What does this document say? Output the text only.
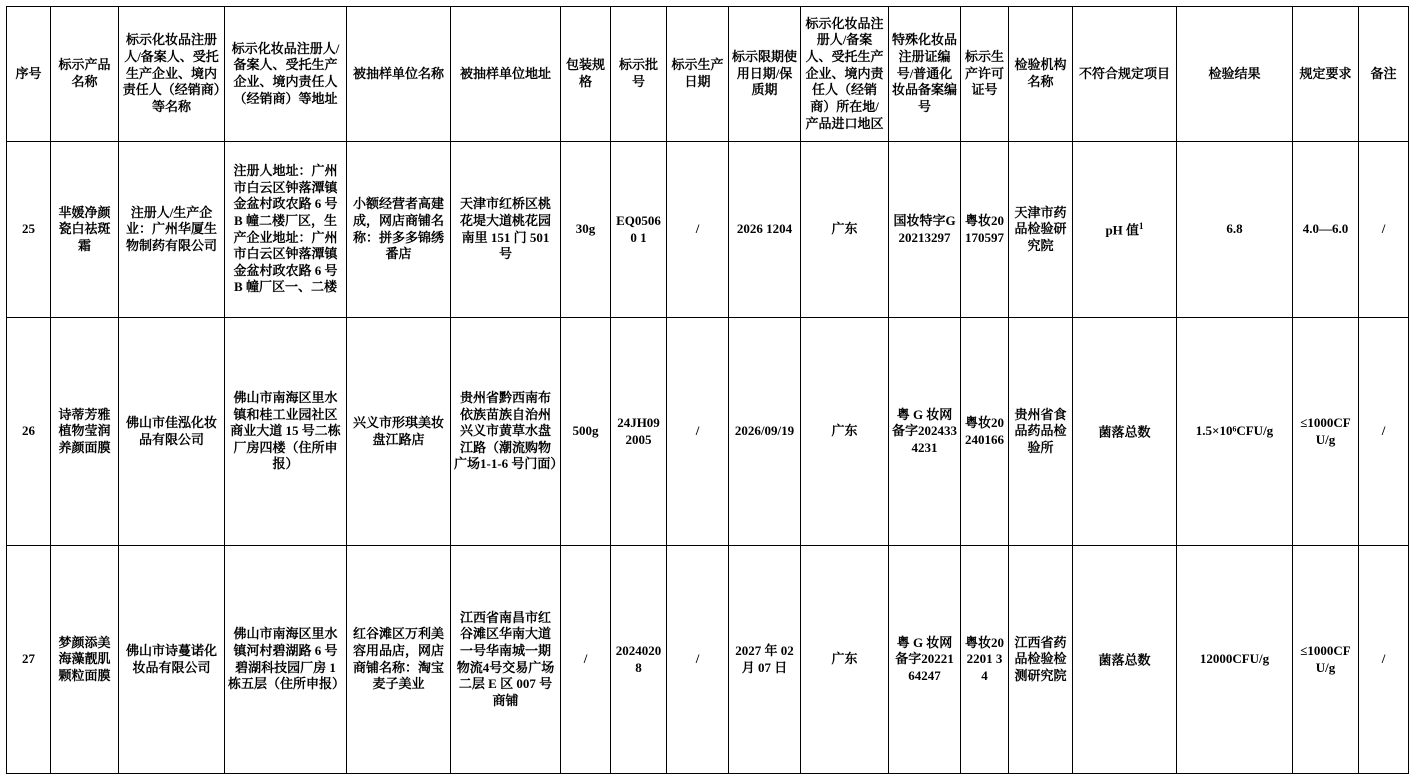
序号	标示产品名称	标示化妆品注册人/备案人、受托生产企业、境内责任人（经销商）等名称	标示化妆品注册人/备案人、受托生产企业、境内责任人（经销商）等地址	被抽样单位名称	被抽样单位地址	包装规格	标示批号	标示生产日期	标示限期使用日期/保质期	标示化妆品注册人/备案人、受托生产企业、境内责任人（经销商）所在地/产品进口地区	特殊化妆品注册证编号/普通化妆品备案编号	标示生产许可证号	检验机构名称	不符合规定项目	检验结果	规定要求	备注
25	芈媛净颜瓷白祛斑霜	注册人/生产企业：广州华厦生物制药有限公司	注册人地址：广州市白云区钟落潭镇金盆村政农路 6 号 B 幢二楼厂区，生产企业地址：广州市白云区钟落潭镇金盆村政农路 6 号 B 幢厂区一、二楼	小额经营者高建成，网店商铺名称：拼多多锦绣番店	天津市红桥区桃花堤大道桃花园南里 151 门 501 号	30g	EQ05060 1	/	2026 1204	广东	国妆特字G20213297	粤妆20170597	天津市药品检验研究院	pH 值$^1$	6.8	4.0—6.0	/
26	诗蒂芳雅植物莹润养颜面膜	佛山市佳泓化妆品有限公司	佛山市南海区里水镇和桂工业园社区商业大道 15 号二栋厂房四楼（住所申报）	兴义市形琪美妆盘江路店	贵州省黔西南布依族苗族自治州兴义市黄草水盘江路（潮流购物广场1-1-6 号门面）	500g	24JH092005	/	2026/09/19	广东	粤 G 妆网备字2024334231	粤妆20240166	贵州省食品药品检验所	菌落总数	1.5×10⁶CFU/g	≤1000CFU/g	/
27	梦颜添美海藻靓肌颗粒面膜	佛山市诗蔓诺化妆品有限公司	佛山市南海区里水镇河村碧湖路 6 号碧湖科技园厂房 1 栋五层（住所申报）	红谷滩区万利美容用品店，网店商铺名称：淘宝麦子美业	江西省南昌市红谷滩区华南大道一号华南城一期物流4号交易广场二层 E 区 007 号商铺	/	20240208	/	2027 年 02 月 07 日	广东	粤 G 妆网备字20221 64247	粤妆202201 34	江西省药品检验检测研究院	菌落总数	12000CFU/g	≤1000CFU/g	/
